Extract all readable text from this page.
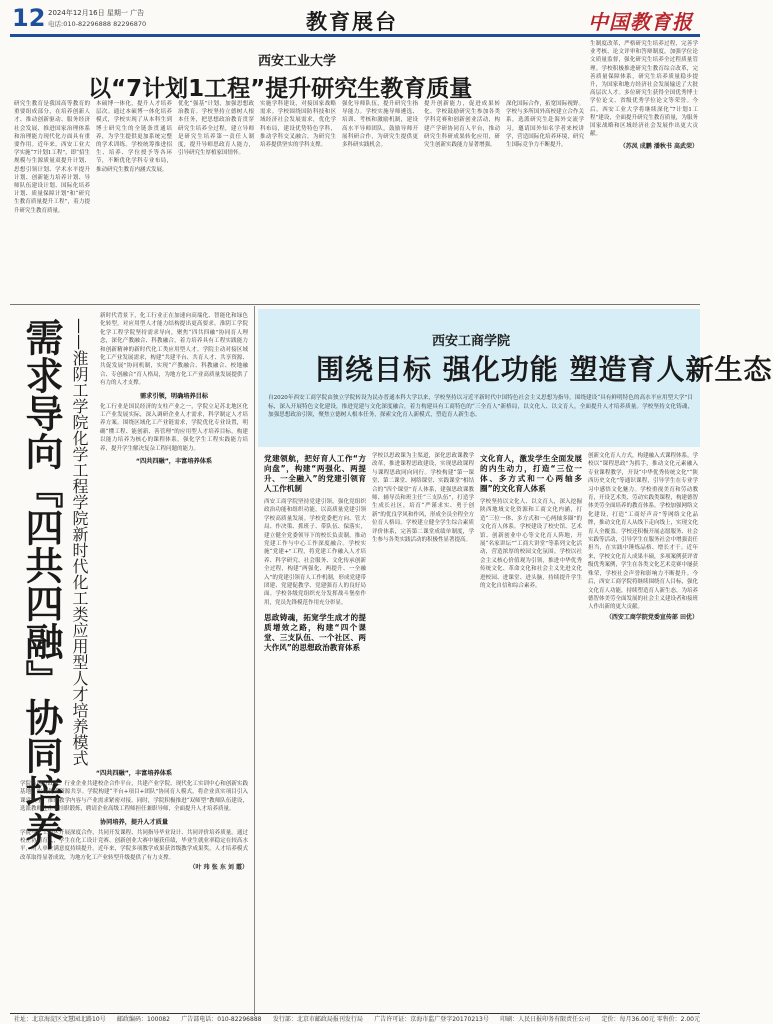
12 2024年12月16日 星期一 广告
电话:010-82296888 82296870	教育展台	中国教育报
西安工业大学
以“7计划1工程”提升研究生教育质量
研究生教育是我国高等教育的重要组成部分，在培养创新人才、推动创新驱动、服务经济社会发展、推进国家治理体系和治理能力现代化方面具有重要作用。近年来，西安工业大学实施“7计划1工程”，即“招生规模与生源质量双提升计划、思想引领计划、学术水平提升计划、创新能力培养计划、导师队伍建设计划、国际化培养计划、质量保障计划”和“研究生教育质量提升工程”，着力提升研究生教育质量。
本硕博一体化，提升人才培养层次。通过本硕博一体化培养模式，学校实现了从本科生到博士研究生的全链条贯通培养，为学生提供更加系统完整的学术训练。学校统筹推进招生、培养、学位授予等各环节，不断优化学科专业布局，推动研究生教育内涵式发展。
优化“强基”计划，加强思想政治教育。学校坚持立德树人根本任务，把思想政治教育贯穿研究生培养全过程，建立导师是研究生培养第一责任人制度，提升导师思政育人能力，引导研究生厚植家国情怀。
实施学科建设，对接国家战略需求。学校围绕国防科技和区域经济社会发展需求，优化学科布局，建设优势特色学科，推动学科交叉融合，为研究生培养提供坚实的学科支撑。
强化导师队伍，提升研究生指导能力。学校实施导师遴选、培训、考核和激励机制，建设高水平导师团队，鼓励导师开展科研合作，为研究生提供更多科研实践机会。
提升创新能力，促进成果转化。学校鼓励研究生参加各类学科竞赛和创新创业活动，构建产学研协同育人平台，推动研究生科研成果转化应用，研究生创新实践能力显著增强。
深化国际合作，拓宽国际视野。学校与多所国外高校建立合作关系，选派研究生赴海外交流学习，邀请国外知名学者来校讲学，营造国际化培养环境，研究生国际竞争力不断提升。
生制度改革，严格研究生培养过程，完善学业考核、论文评审和答辩制度，加强学位论文质量监督，强化研究生培养全过程质量管理。学校积极推进研究生教育综合改革，完善质量保障体系，研究生培养质量稳步提升，为国家和地方经济社会发展输送了大批高层次人才。多位研究生获得全国优秀博士学位论文、省级优秀学位论文等荣誉。今后，西安工业大学将继续深化“7计划1工程”建设，全面提升研究生教育质量，为服务国家战略和区域经济社会发展作出更大贡献。
（苏凤 成鹏 潘秋书 高武荣）
需求导向『四共四融』协同培养 ——淮阴工学院化学工程学院新时代化工类应用型人才培养模式
新时代背景下，化工行业正在加速向高端化、智能化和绿色化转型，对应用型人才能力结构提出更高要求。淮阴工学院化学工程学院坚持需求导向，聚焦“四共四融”协同育人理念，深化产教融合、科教融合，着力培养具有工程实践能力和创新精神的新时代化工类应用型人才。学院主动对接区域化工产业发展需求，构建“共建平台、共育人才、共享资源、共促发展”协同机制，实现“产教融合、科教融合、校地融合、专创融合”育人格局，为地方化工产业高质量发展提供了有力的人才支撑。
需求引领，明确培养目标
化工行业是国民经济的支柱产业之一，学院立足苏北地区化工产业发展实际，深入调研企业人才需求，科学制定人才培养方案。围绕区域化工产业链需求，学院优化专业设置，明确“懂工程、能创新、善管理”的应用型人才培养目标，构建以能力培养为核心的课程体系，强化学生工程实践能力培养，提升学生解决复杂工程问题的能力。
“四共四融”，丰富培养体系
“四共四融”，丰富培养体系
学院与地方政府、行业企业共建校企合作平台，共建产业学院、现代化工实训中心和创新实践基地，实现优质资源共享。学院构建“平台+项目+团队”协同育人模式，将企业真实项目引入课堂教学，推动教学内容与产业需求紧密对接。同时，学院积极推进“双师型”教师队伍建设，选派教师赴企业挂职锻炼，聘请企业高级工程师担任兼职导师，全面提升人才培养质量。
协同培养，提升人才质量
学院与化工园区开展深度合作，共同开发课程、共同指导毕业设计、共同评价培养质量。通过校企协同育人，学生在化工设计竞赛、创新创业大赛中屡获佳绩，毕业生就业率稳定在较高水平，用人单位满意度持续提升。近年来，学院多项教学成果获省级教学成果奖，人才培养模式改革取得显著成效，为地方化工产业转型升级提供了有力支撑。
（叶 玮 张 东 刘 霞）
西安工商学院
围绕目标 强化功能 塑造育人新生态
自2020年西安工商学院由独立学院转设为民办普通本科大学以来，学校坚持以习近平新时代中国特色社会主义思想为指导，围绕建设“具有鲜明特色的高水平应用型大学”目标，深入开展特色文化建设，推进党建与文化深度融合，着力构建具有工商特色的“三全育人”新格局，以文化人、以文育人，全面提升人才培养质量。学校坚持文化铸魂，加强思想政治引领，聚焦立德树人根本任务，探索文化育人新模式，塑造育人新生态。
党建领航，把好育人工作“方向盘”，构建“两强化、两提升、一全融入”的党建引领育人工作机制
西安工商学院坚持党建引领，强化党组织政治功能和组织功能，以高质量党建引领学校高质量发展。学校党委把方向、管大局、作决策、抓班子、带队伍、保落实，建立健全党委领导下的校长负责制，推动党建工作与中心工作深度融合。学校实施“党建+”工程，将党建工作融入人才培养、科学研究、社会服务、文化传承创新全过程，构建“两强化、两提升、一全融入”的党建引领育人工作机制，形成党建带团建、党建促教学、党建强育人的良好局面。学校各级党组织充分发挥战斗堡垒作用，党员先锋模范作用充分彰显。
思政铸魂，拓宽学生成才的提质增效之路，构建“四个课堂、三支队伍、一个社区、两大作风”的思想政治教育体系
学校以思政课为主渠道，深化思政课教学改革，推进课程思政建设，实现思政课程与课程思政同向同行。学校构建“第一课堂、第二课堂、网络课堂、实践课堂”相结合的“四个课堂”育人体系，建强思政课教师、辅导员和班主任“三支队伍”，打造学生成长社区，培育“严谨求实、勇于创新”的优良学风和作风，形成全员全程全方位育人格局。学校建立健全学生综合素质评价体系，完善第二课堂成绩单制度，学生参与各类实践活动的积极性显著提高。
文化育人，激发学生全面发展的内生动力，打造“三位一体、多方式和一心两轴多圈”的文化育人体系
学校坚持以文化人、以文育人，深入挖掘陕西地域文化资源和工商文化内涵，打造“三位一体、多方式和一心两轴多圈”的文化育人体系。学校建设了校史馆、艺术馆、创新创业中心等文化育人阵地，开展“名家讲坛”“工商大讲堂”等系列文化活动，营造浓厚的校园文化氛围。学校以社会主义核心价值观为引领，推进中华优秀传统文化、革命文化和社会主义先进文化进校园、进课堂、进头脑，持续提升学生的文化自信和综合素养。
创新文化育人方式，构建融入式课程体系。学校以“课程思政”为抓手，推动文化元素融入专业课程教学，开设“中华优秀传统文化”“陕西历史文化”等通识课程，引导学生在专业学习中感悟文化魅力。学校重视美育和劳动教育，开设艺术类、劳动实践类课程，构建德智体美劳全面培养的教育体系。学校加强网络文化建设，打造“工商好声音”等网络文化品牌，推动文化育人从线下走向线上，实现文化育人全覆盖。学校还积极开展志愿服务、社会实践等活动，引导学生在服务社会中增强责任担当，在实践中锤炼品格、增长才干。近年来，学校文化育人成果丰硕，多项案例获评省级优秀案例，学生在各类文化艺术竞赛中屡获殊荣，学校社会声誉和影响力不断提升。今后，西安工商学院将继续围绕育人目标，强化文化育人功能，持续塑造育人新生态，为培养德智体美劳全面发展的社会主义建设者和接班人作出新的更大贡献。
（西安工商学院党委宣传部 田优）
社址：北京海淀区文慧园北路10号 邮政编码：100082 广告部电话：010-82296888 发行部：北京市邮政局报刊发行局 广告许可证：京海市监广登字20170213号 印刷：人民日报印务有限责任公司 定价：每月36.00元 零售价：2.00元
